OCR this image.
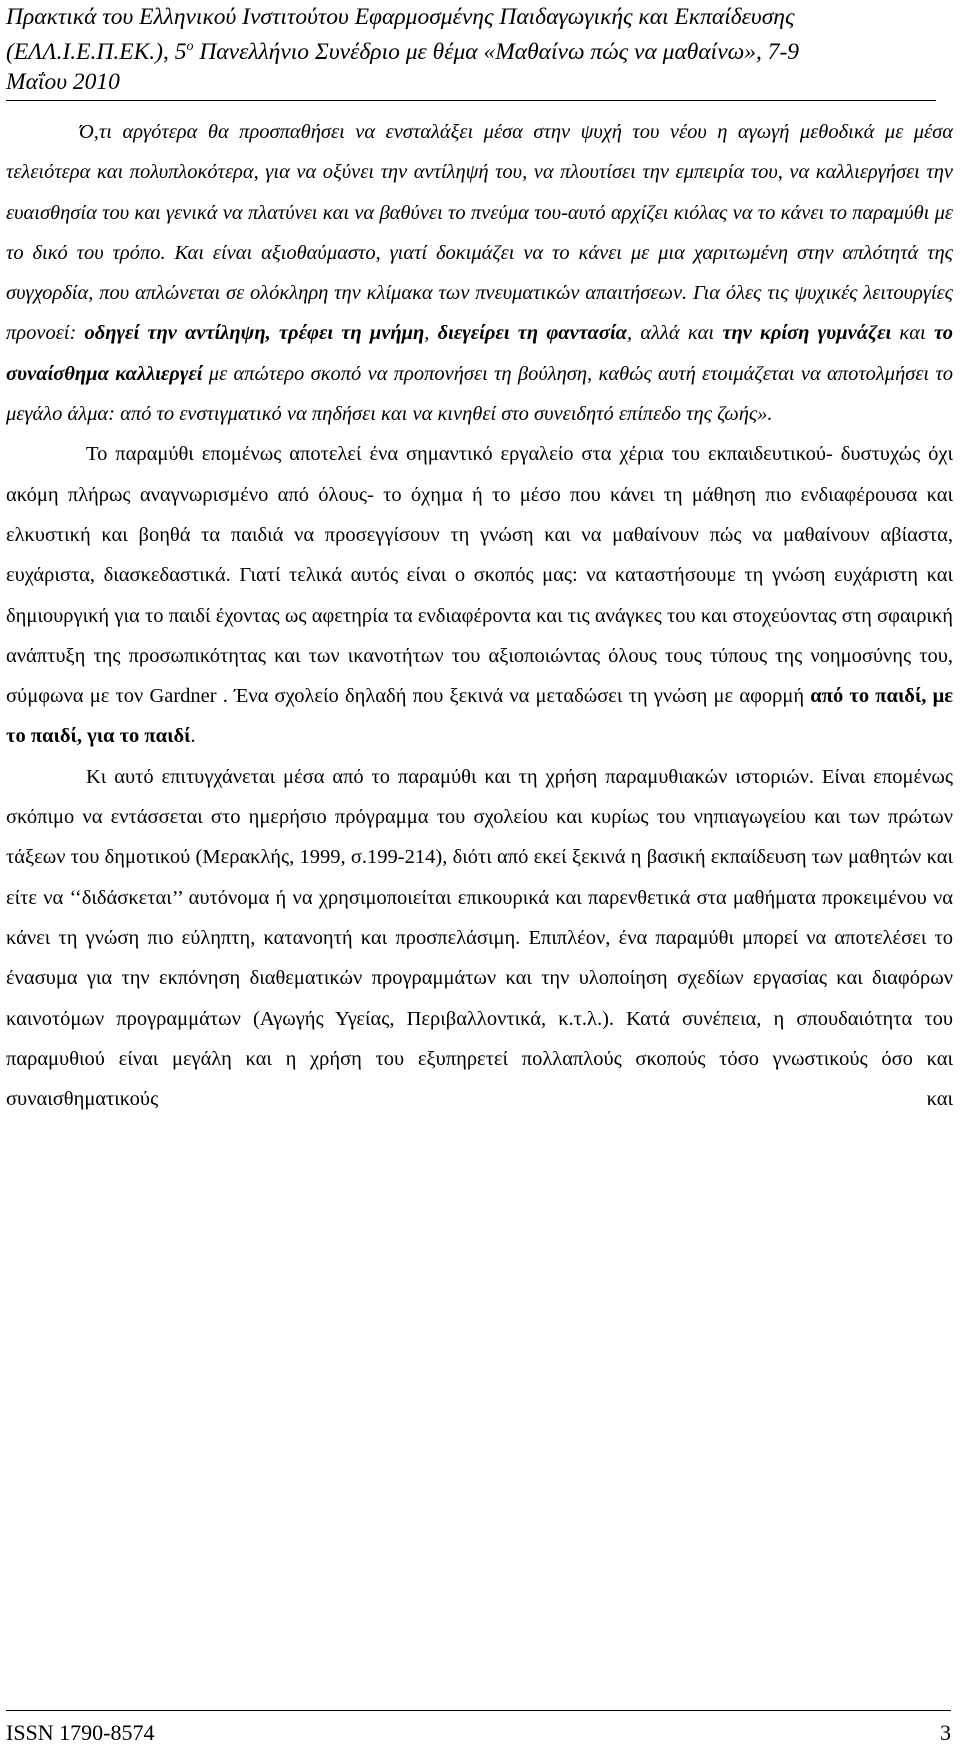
Πρακτικά του Ελληνικού Ινστιτούτου Εφαρμοσμένης Παιδαγωγικής και Εκπαίδευσης
(ΕΛΛ.Ι.Ε.Π.ΕΚ.), $5^o$ Πανελλήνιο Συνέδριο με θέμα «Μαθαίνω πώς να μαθαίνω», 7-9
Μαΐου 2010

Ό,τι αργότερα θα προσπαθήσει να ενσταλάξει μέσα στην ψυχή του νέου η αγωγή μεθοδικά με μέσα τελειότερα και πολυπλοκότερα, για να οξύνει την αντίληψή του, να πλουτίσει την εμπειρία του, να καλλιεργήσει την ευαισθησία του και γενικά να πλατύνει και να βαθύνει το πνεύμα του-αυτό αρχίζει κιόλας να το κάνει το παραμύθι με το δικό του τρόπο. Και είναι αξιοθαύμαστο, γιατί δοκιμάζει να το κάνει με μια χαριτωμένη στην απλότητά της συγχορδία, που απλώνεται σε ολόκληρη την κλίμακα των πνευματικών απαιτήσεων. Για όλες τις ψυχικές λειτουργίες προνοεί: οδηγεί την αντίληψη, τρέφει τη μνήμη, διεγείρει τη φαντασία, αλλά και την κρίση γυμνάζει και το συναίσθημα καλλιεργεί με απώτερο σκοπό να προπονήσει τη βούληση, καθώς αυτή ετοιμάζεται να αποτολμήσει το μεγάλο άλμα: από το ενστιγματικό να πηδήσει και να κινηθεί στο συνειδητό επίπεδο της ζωής».

Το παραμύθι επομένως αποτελεί ένα σημαντικό εργαλείο στα χέρια του εκπαιδευτικού- δυστυχώς όχι ακόμη πλήρως αναγνωρισμένο από όλους- το όχημα ή το μέσο που κάνει τη μάθηση πιο ενδιαφέρουσα και ελκυστική και βοηθά τα παιδιά να προσεγγίσουν τη γνώση και να μαθαίνουν πώς να μαθαίνουν αβίαστα, ευχάριστα, διασκεδαστικά. Γιατί τελικά αυτός είναι ο σκοπός μας: να καταστήσουμε τη γνώση ευχάριστη και δημιουργική για το παιδί έχοντας ως αφετηρία τα ενδιαφέροντα και τις ανάγκες του και στοχεύοντας στη σφαιρική ανάπτυξη της προσωπικότητας και των ικανοτήτων του αξιοποιώντας όλους τους τύπους της νοημοσύνης του, σύμφωνα με τον Gardner . Ένα σχολείο δηλαδή που ξεκινά να μεταδώσει τη γνώση με αφορμή από το παιδί, με το παιδί, για το παιδί.

Κι αυτό επιτυγχάνεται μέσα από το παραμύθι και τη χρήση παραμυθιακών ιστοριών. Είναι επομένως σκόπιμο να εντάσσεται στο ημερήσιο πρόγραμμα του σχολείου και κυρίως του νηπιαγωγείου και των πρώτων τάξεων του δημοτικού (Μερακλής, 1999, σ.199-214), διότι από εκεί ξεκινά η βασική εκπαίδευση των μαθητών και είτε να ‘‘διδάσκεται’’ αυτόνομα ή να χρησιμοποιείται επικουρικά και παρενθετικά στα μαθήματα προκειμένου να κάνει τη γνώση πιο εύληπτη, κατανοητή και προσπελάσιμη. Επιπλέον, ένα παραμύθι μπορεί να αποτελέσει το ένασυμα για την εκπόνηση διαθεματικών προγραμμάτων και την υλοποίηση σχεδίων εργασίας και διαφόρων καινοτόμων προγραμμάτων (Αγωγής Υγείας, Περιβαλλοντικά, κ.τ.λ.). Κατά συνέπεια, η σπουδαιότητα του παραμυθιού είναι μεγάλη και η χρήση του εξυπηρετεί πολλαπλούς σκοπούς τόσο γνωστικούς όσο και συναισθηματικούς και

ISSN 1790-8574	3
